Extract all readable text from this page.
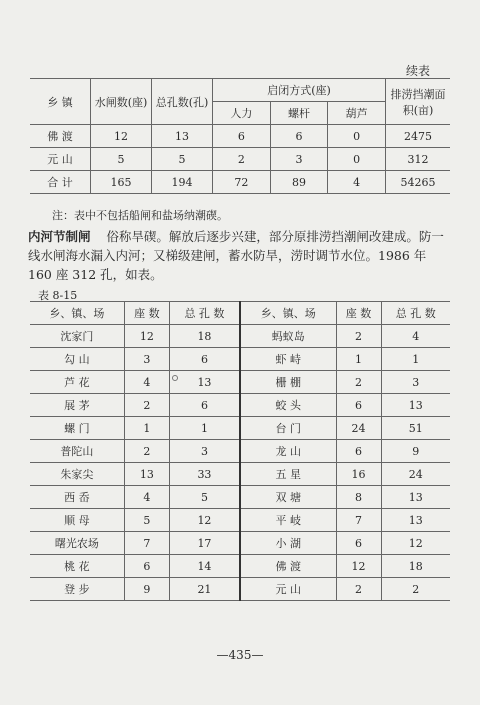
续表
乡 镇	水闸数(座)	总孔数(孔)	启闭方式(座)			排涝挡潮面积(亩)
			人力	螺杆	葫芦	
佛 渡	12	13	6	6	0	2475
元 山	5	5	2	3	0	312
合 计	165	194	72	89	4	54265
注：表中不包括船闸和盐场纳潮碶。
内河节制闸 俗称旱碶。解放后逐步兴建，部分原排涝挡潮闸改建成。防一线水闸海水漏入内河；又梯级建闸，蓄水防旱，涝时调节水位。1986 年 160 座 312 孔，如表。
表 8-15
乡、镇、场	座 数	总 孔 数	乡、镇、场	座 数	总 孔 数
沈家门	12	18	蚂蚁岛	2	4
勾 山	3	6	虾 峙	1	1
芦 花	4	13	栅 棚	2	3
展 茅	2	6	蛟 头	6	13
螺 门	1	1	台 门	24	51
普陀山	2	3	龙 山	6	9
朱家尖	13	33	五 星	16	24
西 岙	4	5	双 塘	8	13
顺 母	5	12	平 岐	7	13
曙光农场	7	17	小 湖	6	12
桃 花	6	14	佛 渡	12	18
登 步	9	21	元 山	2	2
—435—
